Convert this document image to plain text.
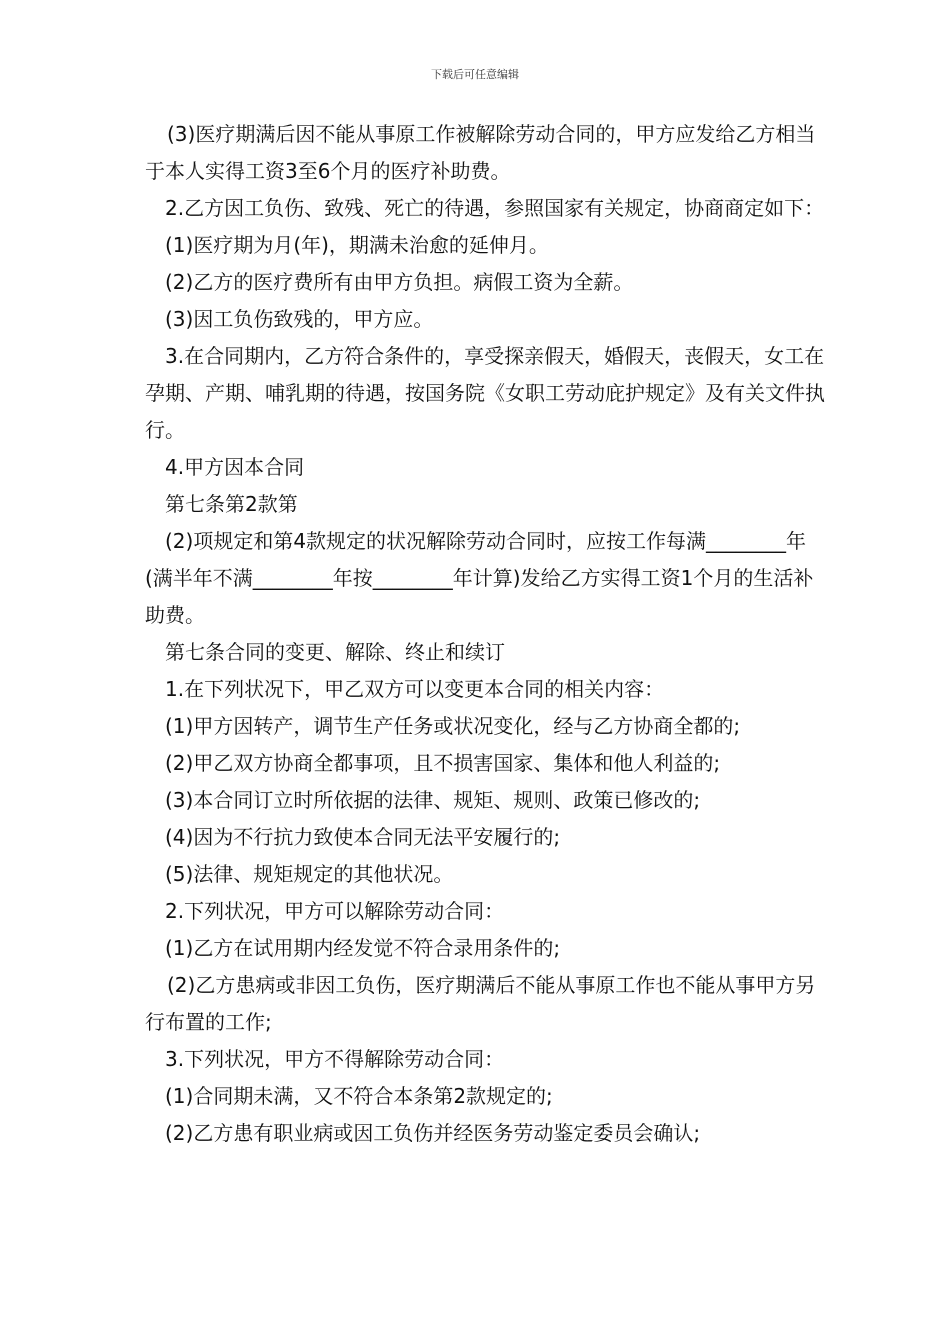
下载后可任意编辑

(3)医疗期满后因不能从事原工作被解除劳动合同的，甲方应发给乙方相当于本人实得工资3至6个月的医疗补助费。

2.乙方因工负伤、致残、死亡的待遇，参照国家有关规定，协商商定如下：

(1)医疗期为月(年)，期满未治愈的延伸月。

(2)乙方的医疗费所有由甲方负担。病假工资为全薪。

(3)因工负伤致残的，甲方应。

3.在合同期内，乙方符合条件的，享受探亲假天，婚假天，丧假天，女工在孕期、产期、哺乳期的待遇，按国务院《女职工劳动庇护规定》及有关文件执行。

4.甲方因本合同

第七条第2款第

(2)项规定和第4款规定的状况解除劳动合同时，应按工作每满________年(满半年不满________年按________年计算)发给乙方实得工资1个月的生活补助费。

第七条合同的变更、解除、终止和续订

1.在下列状况下，甲乙双方可以变更本合同的相关内容：

(1)甲方因转产，调节生产任务或状况变化，经与乙方协商全都的;

(2)甲乙双方协商全都事项，且不损害国家、集体和他人利益的;

(3)本合同订立时所依据的法律、规矩、规则、政策已修改的;

(4)因为不行抗力致使本合同无法平安履行的;

(5)法律、规矩规定的其他状况。

2.下列状况，甲方可以解除劳动合同：

(1)乙方在试用期内经发觉不符合录用条件的;

(2)乙方患病或非因工负伤，医疗期满后不能从事原工作也不能从事甲方另行布置的工作;

3.下列状况，甲方不得解除劳动合同：

(1)合同期未满，又不符合本条第2款规定的;

(2)乙方患有职业病或因工负伤并经医务劳动鉴定委员会确认;
